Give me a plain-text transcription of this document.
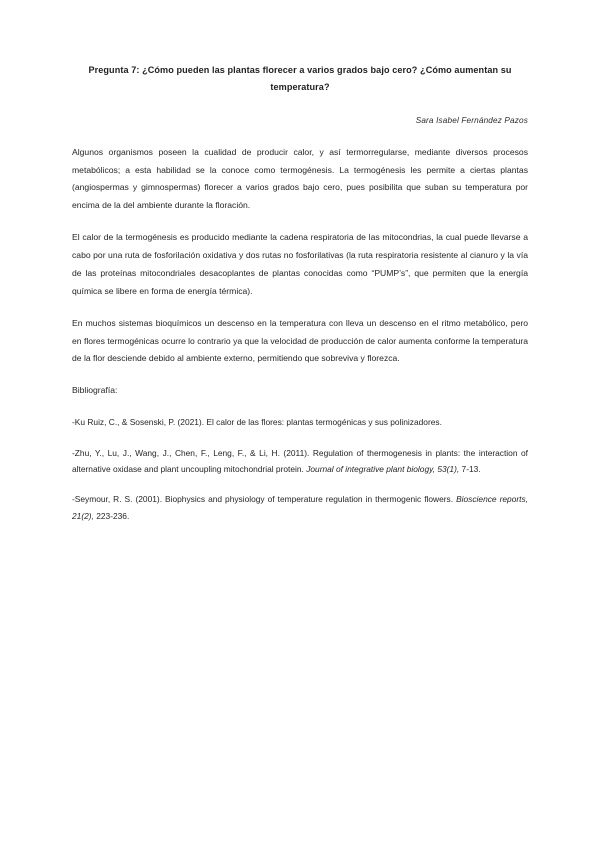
Pregunta 7: ¿Cómo pueden las plantas florecer a varios grados bajo cero? ¿Cómo aumentan su temperatura?
Sara Isabel Fernández Pazos

Algunos organismos poseen la cualidad de producir calor, y así termorregularse, mediante diversos procesos metabólicos; a esta habilidad se la conoce como termogénesis. La termogénesis les permite a ciertas plantas (angiospermas y gimnospermas) florecer a varios grados bajo cero, pues posibilita que suban su temperatura por encima de la del ambiente durante la floración.

El calor de la termogénesis es producido mediante la cadena respiratoria de las mitocondrias, la cual puede llevarse a cabo por una ruta de fosforilación oxidativa y dos rutas no fosforilativas (la ruta respiratoria resistente al cianuro y la vía de las proteínas mitocondriales desacoplantes de plantas conocidas como “PUMP’s”, que permiten que la energía química se libere en forma de energía térmica).

En muchos sistemas bioquímicos un descenso en la temperatura con lleva un descenso en el ritmo metabólico, pero en flores termogénicas ocurre lo contrario ya que la velocidad de producción de calor aumenta conforme la temperatura de la flor desciende debido al ambiente externo, permitiendo que sobreviva y florezca.

Bibliografía:
-Ku Ruiz, C., & Sosenski, P. (2021). El calor de las flores: plantas termogénicas y sus polinizadores.
-Zhu, Y., Lu, J., Wang, J., Chen, F., Leng, F., & Li, H. (2011). Regulation of thermogenesis in plants: the interaction of alternative oxidase and plant uncoupling mitochondrial protein. Journal of integrative plant biology, 53(1), 7-13.
-Seymour, R. S. (2001). Biophysics and physiology of temperature regulation in thermogenic flowers. Bioscience reports, 21(2), 223-236.
